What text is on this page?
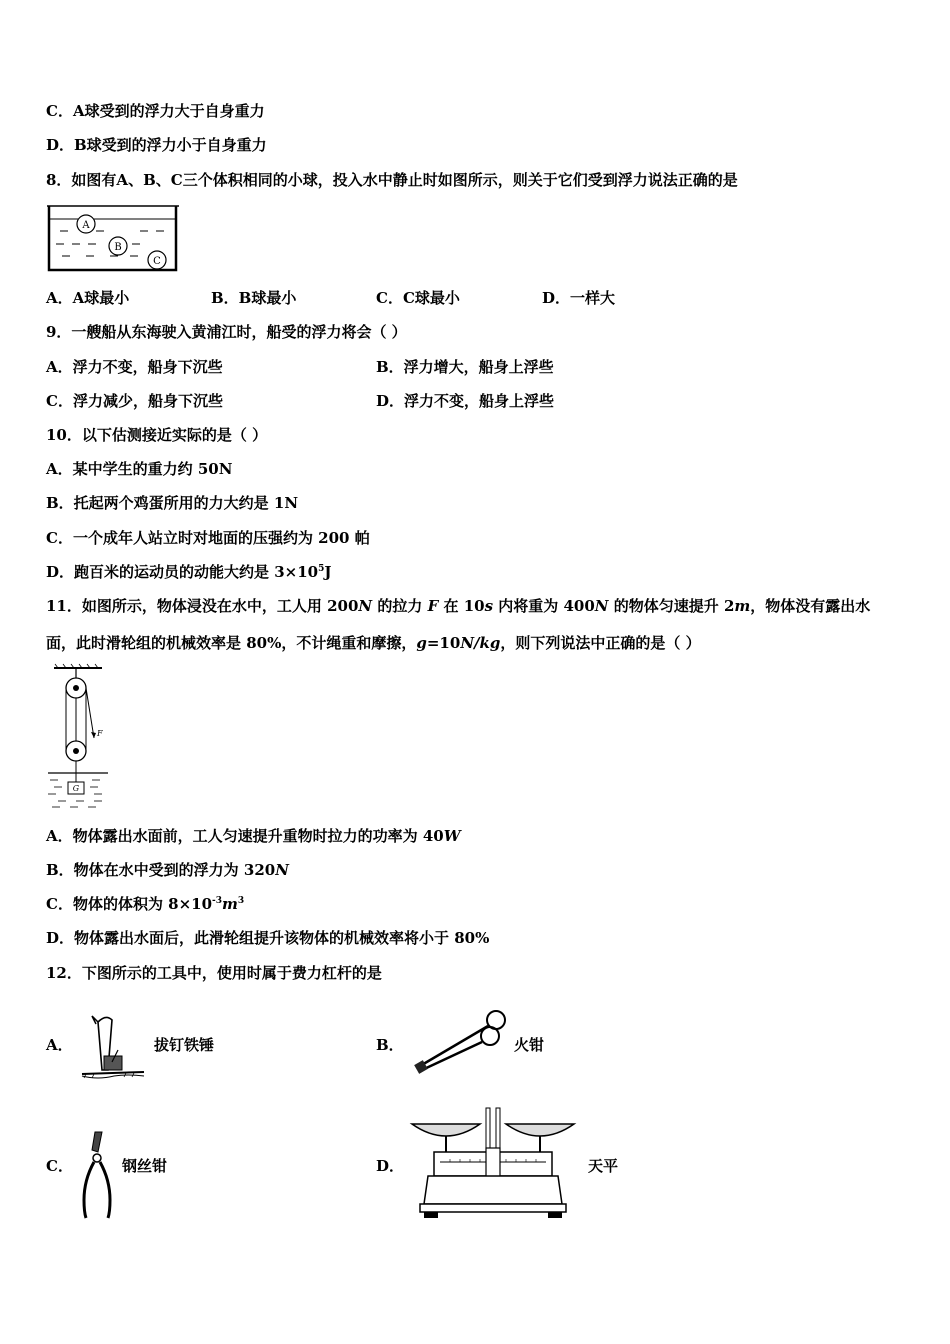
C．A球受到的浮力大于自身重力
D．B球受到的浮力小于自身重力
8．如图有A、B、C三个体积相同的小球，投入水中静止时如图所示，则关于它们受到浮力说法正确的是
A
B
C
A．A球最小	B．B球最小	C．C球最小	D．一样大
9．一艘船从东海驶入黄浦江时，船受的浮力将会（ ）
A．浮力不变，船身下沉些	B．浮力增大，船身上浮些
C．浮力减少，船身下沉些	D．浮力不变，船身上浮些
10．以下估测接近实际的是（ ）
A．某中学生的重力约 50N
B．托起两个鸡蛋所用的力大约是 1N
C．一个成年人站立时对地面的压强约为 200 帕
D．跑百米的运动员的动能大约是 $3\times 10^5J$
11．如图所示，物体浸没在水中，工人用 200N 的拉力 F 在 10s 内将重为 400N 的物体匀速提升 2m，物体没有露出水
面，此时滑轮组的机械效率是 80%，不计绳重和摩擦，g=10N/kg，则下列说法中正确的是（ ）
F
G
A．物体露出水面前，工人匀速提升重物时拉力的功率为 40W
B．物体在水中受到的浮力为 320N
C．物体的体积为 $8\times 10^{-3}m^3$
D．物体露出水面后，此滑轮组提升该物体的机械效率将小于 80%
12．下图所示的工具中，使用时属于费力杠杆的是
A．	拔钉铁锤	B．	火钳
C．	钢丝钳	D．	天平
